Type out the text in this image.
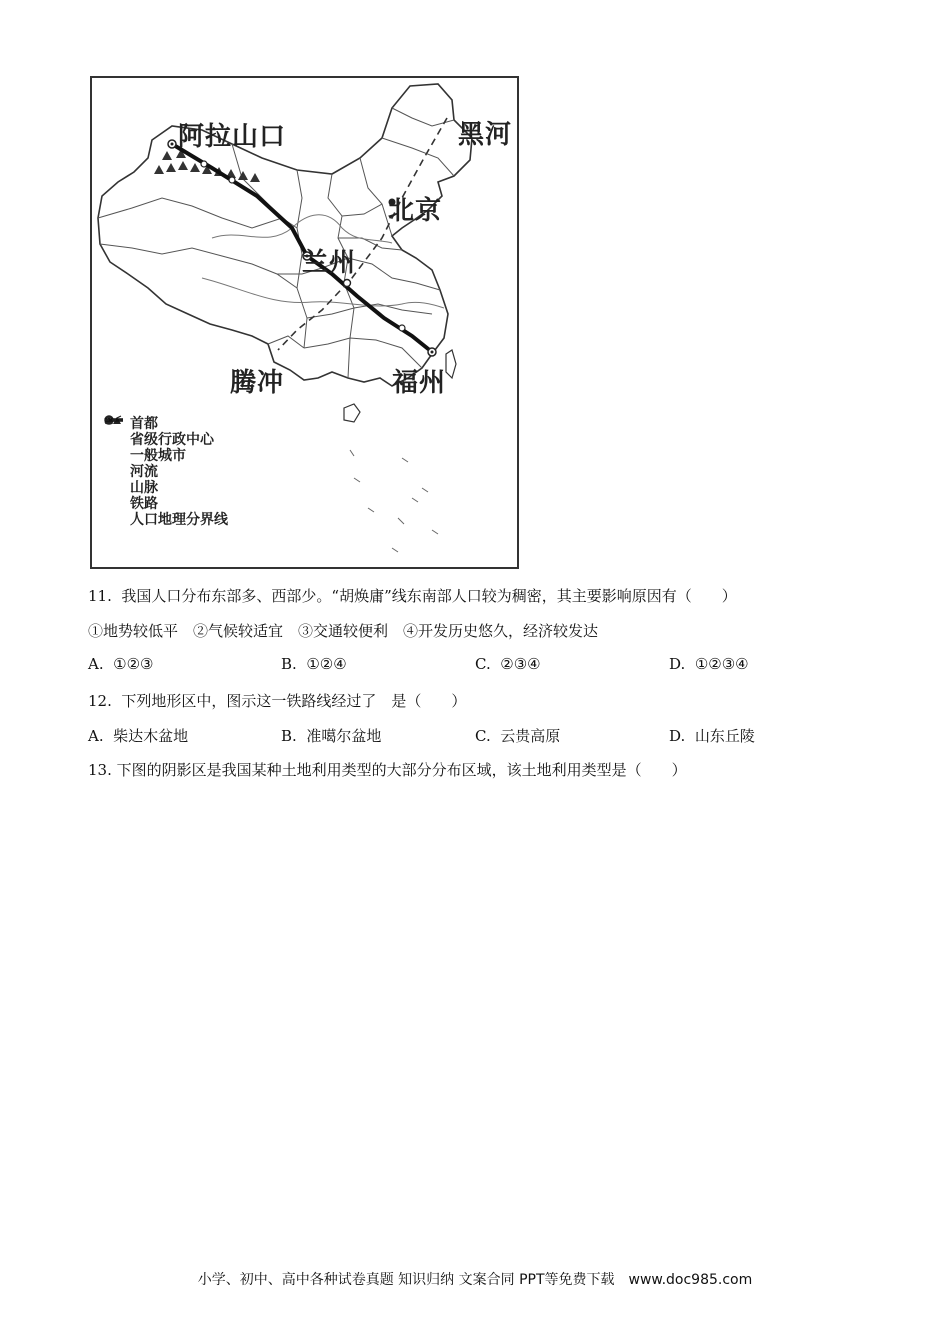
阿拉山口	黑河
北京
兰州
腾冲	福州
首都
省级行政中心
一般城市
河流
山脉
铁路
人口地理分界线
11. 我国人口分布东部多、西部少。“胡焕庸”线东南部人口较为稠密，其主要影响原因有（　　）
①地势较低平　②气候较适宜　③交通较便利　④开发历史悠久，经济较发达
A. ①②③	B. ①②④	C. ②③④	D. ①②③④
12. 下列地形区中，图示这一铁路线经过了　是（　　）
A. 柴达木盆地	B. 准噶尔盆地	C. 云贵高原	D. 山东丘陵
13. 下图的阴影区是我国某种土地利用类型的大部分分布区域，该土地利用类型是（　　）
小学、初中、高中各种试卷真题 知识归纳 文案合同 PPT等免费下载　www.doc985.com
